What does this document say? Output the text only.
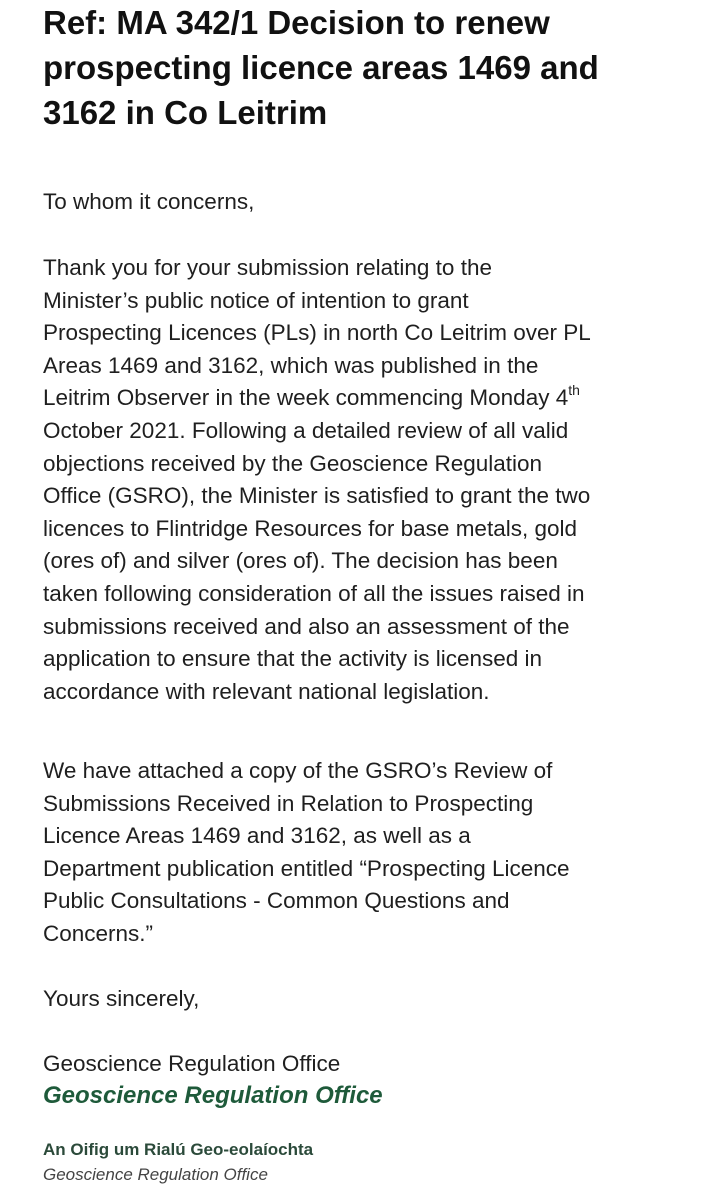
Ref: MA 342/1 Decision to renew
prospecting licence areas 1469 and
3162 in Co Leitrim

To whom it concerns,

Thank you for your submission relating to the
Minister’s public notice of intention to grant
Prospecting Licences (PLs) in north Co Leitrim over PL
Areas 1469 and 3162, which was published in the
Leitrim Observer in the week commencing Monday 4th
October 2021. Following a detailed review of all valid
objections received by the Geoscience Regulation
Office (GSRO), the Minister is satisfied to grant the two
licences to Flintridge Resources for base metals, gold
(ores of) and silver (ores of). The decision has been
taken following consideration of all the issues raised in
submissions received and also an assessment of the
application to ensure that the activity is licensed in
accordance with relevant national legislation.
We have attached a copy of the GSRO’s Review of
Submissions Received in Relation to Prospecting
Licence Areas 1469 and 3162, as well as a
Department publication entitled “Prospecting Licence
Public Consultations - Common Questions and
Concerns.”

Yours sincerely,

Geoscience Regulation Office

Geoscience Regulation Office

An Oifig um Rialú Geo-eolaíochta

Geoscience Regulation Office
